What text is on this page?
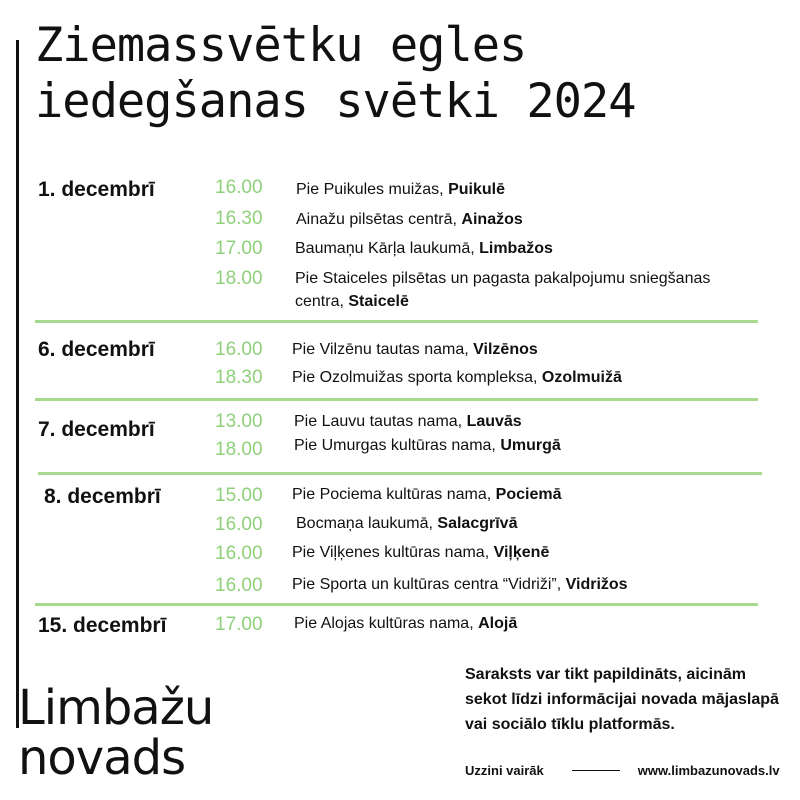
Ziemassvētku egles
iedegšanas svētki 2024
1. decembrī	16.00 Pie Puikules muižas, Puikulē
16.30 Ainažu pilsētas centrā, Ainažos
17.00 Baumaņu Kārļa laukumā, Limbažos
18.00 Pie Staiceles pilsētas un pagasta pakalpojumu sniegšanas centra, Staicelē
6. decembrī	16.00 Pie Vilzēnu tautas nama, Vilzēnos
18.30 Pie Ozolmuižas sporta kompleksa, Ozolmuižā
7. decembrī	13.00 Pie Lauvu tautas nama, Lauvās
18.00 Pie Umurgas kultūras nama, Umurgā
8. decembrī	15.00 Pie Pociema kultūras nama, Pociemā
16.00 Bocmaņa laukumā, Salacgrīvā
16.00 Pie Viļķenes kultūras nama, Viļķenē
16.00 Pie Sporta un kultūras centra “Vidriži”, Vidrižos
15. decembrī	17.00 Pie Alojas kultūras nama, Alojā
Limbažu
novads
Saraksts var tikt papildināts, aicinām sekot līdzi informācijai novada mājaslapā vai sociālo tīklu platformās.
Uzzini vairāk	www.limbazunovads.lv
